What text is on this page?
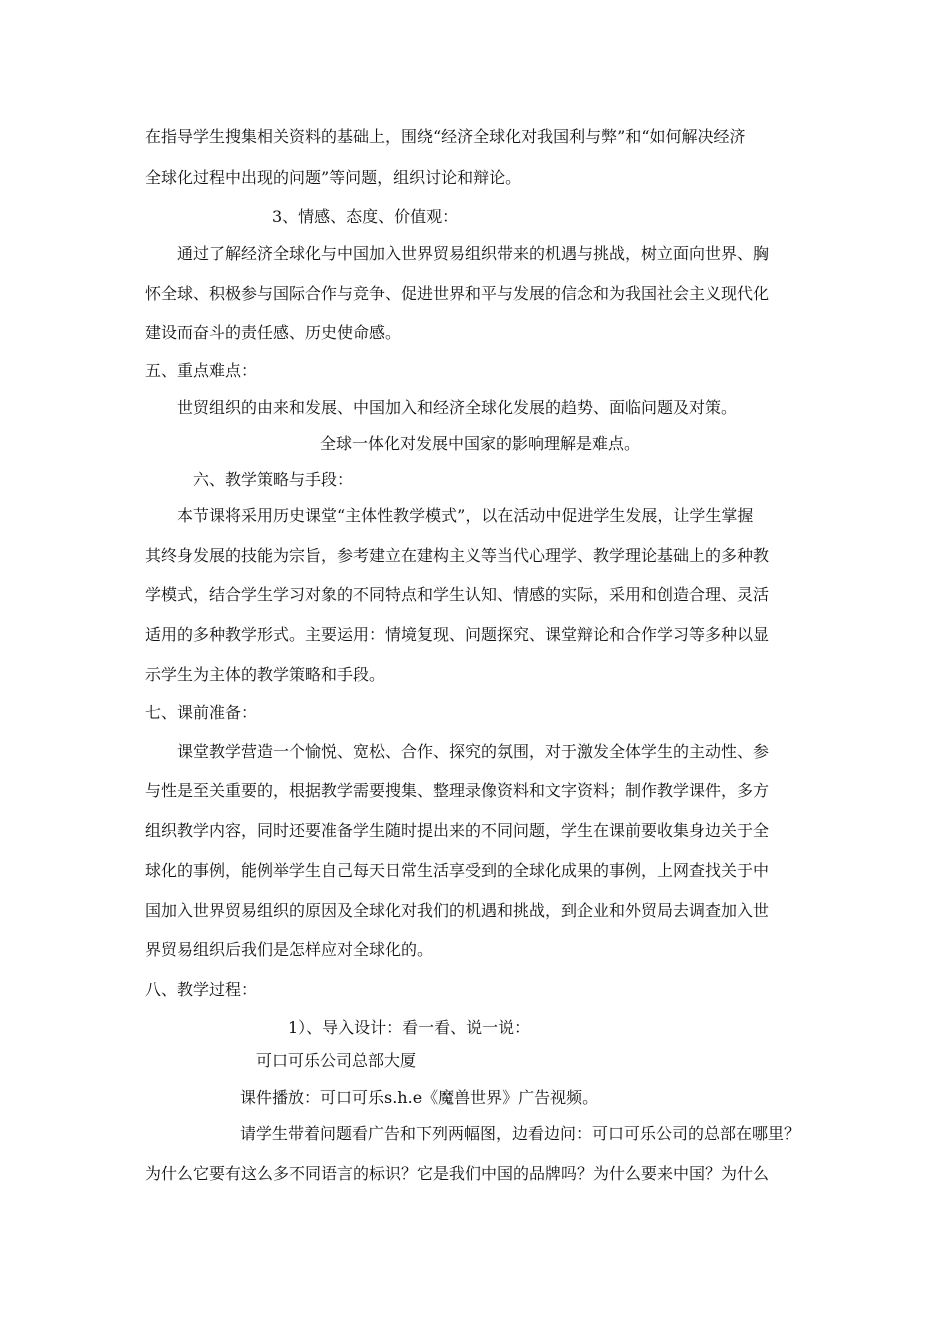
在指导学生搜集相关资料的基础上，围绕“经济全球化对我国利与弊”和“如何解决经济
全球化过程中出现的问题”等问题，组织讨论和辩论。
3、情感、态度、价值观：
通过了解经济全球化与中国加入世界贸易组织带来的机遇与挑战，树立面向世界、胸
怀全球、积极参与国际合作与竞争、促进世界和平与发展的信念和为我国社会主义现代化
建设而奋斗的责任感、历史使命感。
五、重点难点：
世贸组织的由来和发展、中国加入和经济全球化发展的趋势、面临问题及对策。
全球一体化对发展中国家的影响理解是难点。
六、教学策略与手段：
本节课将采用历史课堂“主体性教学模式”，以在活动中促进学生发展，让学生掌握
其终身发展的技能为宗旨，参考建立在建构主义等当代心理学、教学理论基础上的多种教
学模式，结合学生学习对象的不同特点和学生认知、情感的实际，采用和创造合理、灵活
适用的多种教学形式。主要运用：情境复现、问题探究、课堂辩论和合作学习等多种以显
示学生为主体的教学策略和手段。
七、课前准备：
课堂教学营造一个愉悦、宽松、合作、探究的氛围，对于激发全体学生的主动性、参
与性是至关重要的，根据教学需要搜集、整理录像资料和文字资料；制作教学课件，多方
组织教学内容，同时还要准备学生随时提出来的不同问题，学生在课前要收集身边关于全
球化的事例，能例举学生自己每天日常生活享受到的全球化成果的事例，上网查找关于中
国加入世界贸易组织的原因及全球化对我们的机遇和挑战，到企业和外贸局去调查加入世
界贸易组织后我们是怎样应对全球化的。
八、教学过程：
1）、导入设计：看一看、说一说：
可口可乐公司总部大厦
课件播放：可口可乐s.h.e《魔兽世界》广告视频。
请学生带着问题看广告和下列两幅图，边看边问：可口可乐公司的总部在哪里？
为什么它要有这么多不同语言的标识？它是我们中国的品牌吗？为什么要来中国？为什么
